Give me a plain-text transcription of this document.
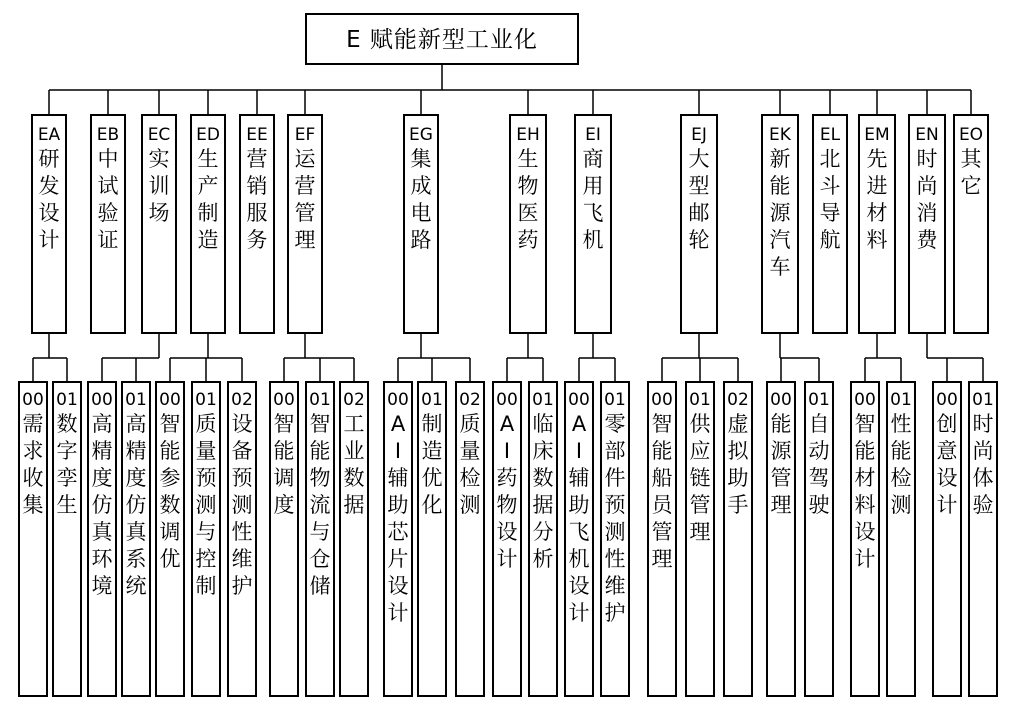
E 赋能新型工业化
EA
研
发
设
计
00
需
求
收
集
01
数
字
孪
生
EB
中
试
验
证
EC
实
训
场
00
高
精
度
仿
真
环
境
01
高
精
度
仿
真
系
统
ED
生
产
制
造
00
智
能
参
数
调
优
01
质
量
预
测
与
控
制
02
设
备
预
测
性
维
护
EE
营
销
服
务
EF
运
营
管
理
00
智
能
调
度
01
智
能
物
流
与
仓
储
02
工
业
数
据
EG
集
成
电
路
00
A
I
辅
助
芯
片
设
计
01
制
造
优
化
02
质
量
检
测
EH
生
物
医
药
00
A
I
药
物
设
计
01
临
床
数
据
分
析
EI
商
用
飞
机
00
A
I
辅
助
飞
机
设
计
01
零
部
件
预
测
性
维
护
EJ
大
型
邮
轮
00
智
能
船
员
管
理
01
供
应
链
管
理
02
虚
拟
助
手
EK
新
能
源
汽
车
00
能
源
管
理
01
自
动
驾
驶
EL
北
斗
导
航
EM
先
进
材
料
00
智
能
材
料
设
计
01
性
能
检
测
EN
时
尚
消
费
00
创
意
设
计
01
时
尚
体
验
EO
其
它
